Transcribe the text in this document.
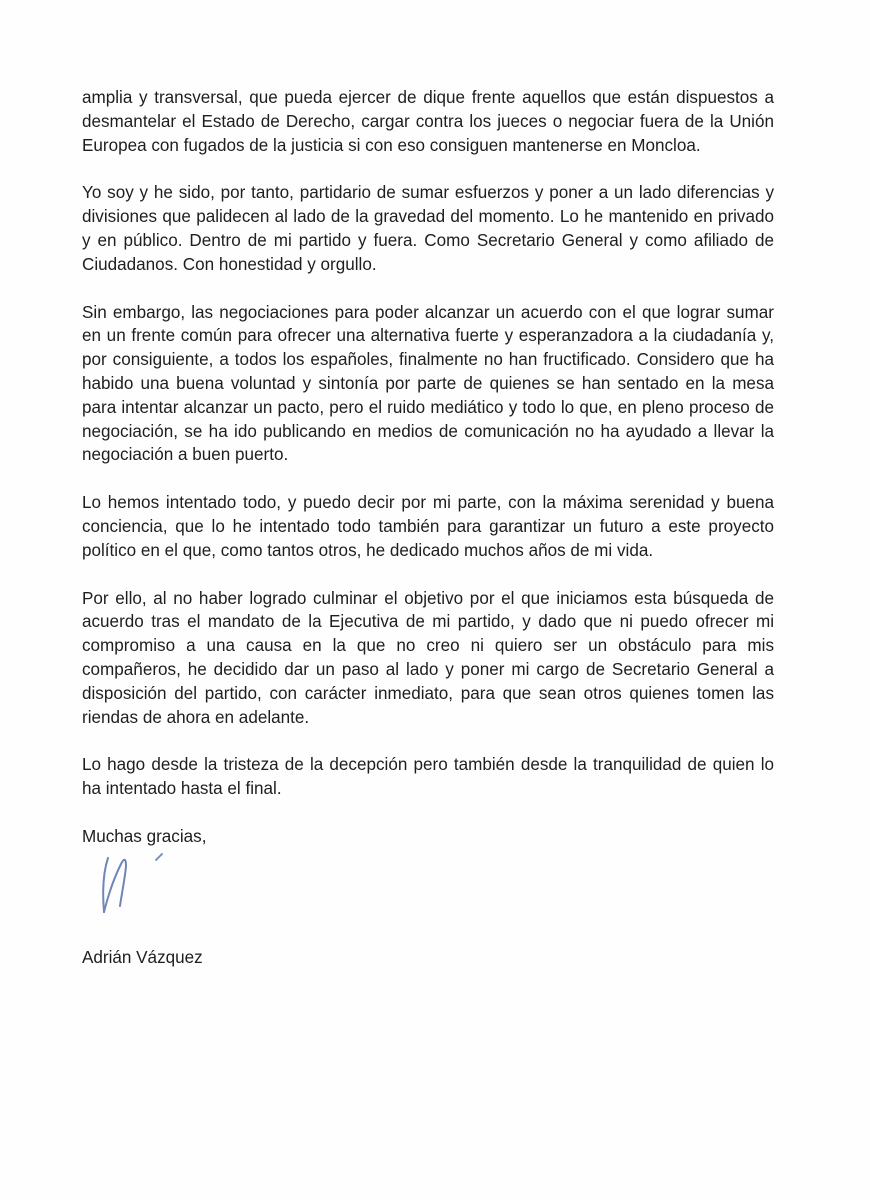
amplia y transversal, que pueda ejercer de dique frente aquellos que están dispuestos a desmantelar el Estado de Derecho, cargar contra los jueces o negociar fuera de la Unión Europea con fugados de la justicia si con eso consiguen mantenerse en Moncloa.

Yo soy y he sido, por tanto, partidario de sumar esfuerzos y poner a un lado diferencias y divisiones que palidecen al lado de la gravedad del momento. Lo he mantenido en privado y en público. Dentro de mi partido y fuera. Como Secretario General y como afiliado de Ciudadanos. Con honestidad y orgullo.

Sin embargo, las negociaciones para poder alcanzar un acuerdo con el que lograr sumar en un frente común para ofrecer una alternativa fuerte y esperanzadora a la ciudadanía y, por consiguiente, a todos los españoles, finalmente no han fructificado. Considero que ha habido una buena voluntad y sintonía por parte de quienes se han sentado en la mesa para intentar alcanzar un pacto, pero el ruido mediático y todo lo que, en pleno proceso de negociación, se ha ido publicando en medios de comunicación no ha ayudado a llevar la negociación a buen puerto.

Lo hemos intentado todo, y puedo decir por mi parte, con la máxima serenidad y buena conciencia, que lo he intentado todo también para garantizar un futuro a este proyecto político en el que, como tantos otros, he dedicado muchos años de mi vida.

Por ello, al no haber logrado culminar el objetivo por el que iniciamos esta búsqueda de acuerdo tras el mandato de la Ejecutiva de mi partido, y dado que ni puedo ofrecer mi compromiso a una causa en la que no creo ni quiero ser un obstáculo para mis compañeros, he decidido dar un paso al lado y poner mi cargo de Secretario General a disposición del partido, con carácter inmediato, para que sean otros quienes tomen las riendas de ahora en adelante.

Lo hago desde la tristeza de la decepción pero también desde la tranquilidad de quien lo ha intentado hasta el final.

Muchas gracias,

Adrián Vázquez
